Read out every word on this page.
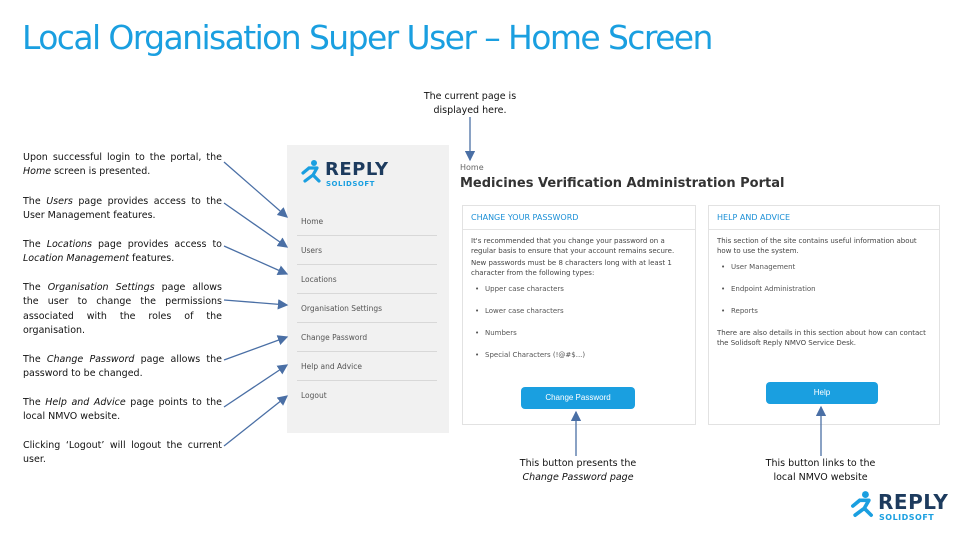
Local Organisation Super User – Home Screen
The current page is displayed here.
Upon successful login to the portal, the Home screen is presented.
The Users page provides access to the User Management features.
The Locations page provides access to Location Management features.
The Organisation Settings page allows the user to change the permissions associated with the roles of the organisation.
The Change Password page allows the password to be changed.
The Help and Advice page points to the local NMVO website.
Clicking ‘Logout’ will logout the current user.
REPLY
SOLIDSOFT
Home
Users
Locations
Organisation Settings
Change Password
Help and Advice
Logout
Home
Medicines Verification Administration Portal
CHANGE YOUR PASSWORD

It's recommended that you change your password on a regular basis to ensure that your account remains secure.

New passwords must be 8 characters long with at least 1 character from the following types:

• Upper case characters
• Lower case characters
• Numbers
• Special Characters (!@#$...)
HELP AND ADVICE

This section of the site contains useful information about how to use the system.

• User Management
• Endpoint Administration
• Reports

There are also details in this section about how can contact the Solidsoft Reply NMVO Service Desk.

Change Password
Help
This button presents the
Change Password page
This button links to the
local NMVO website
REPLY
SOLIDSOFT
